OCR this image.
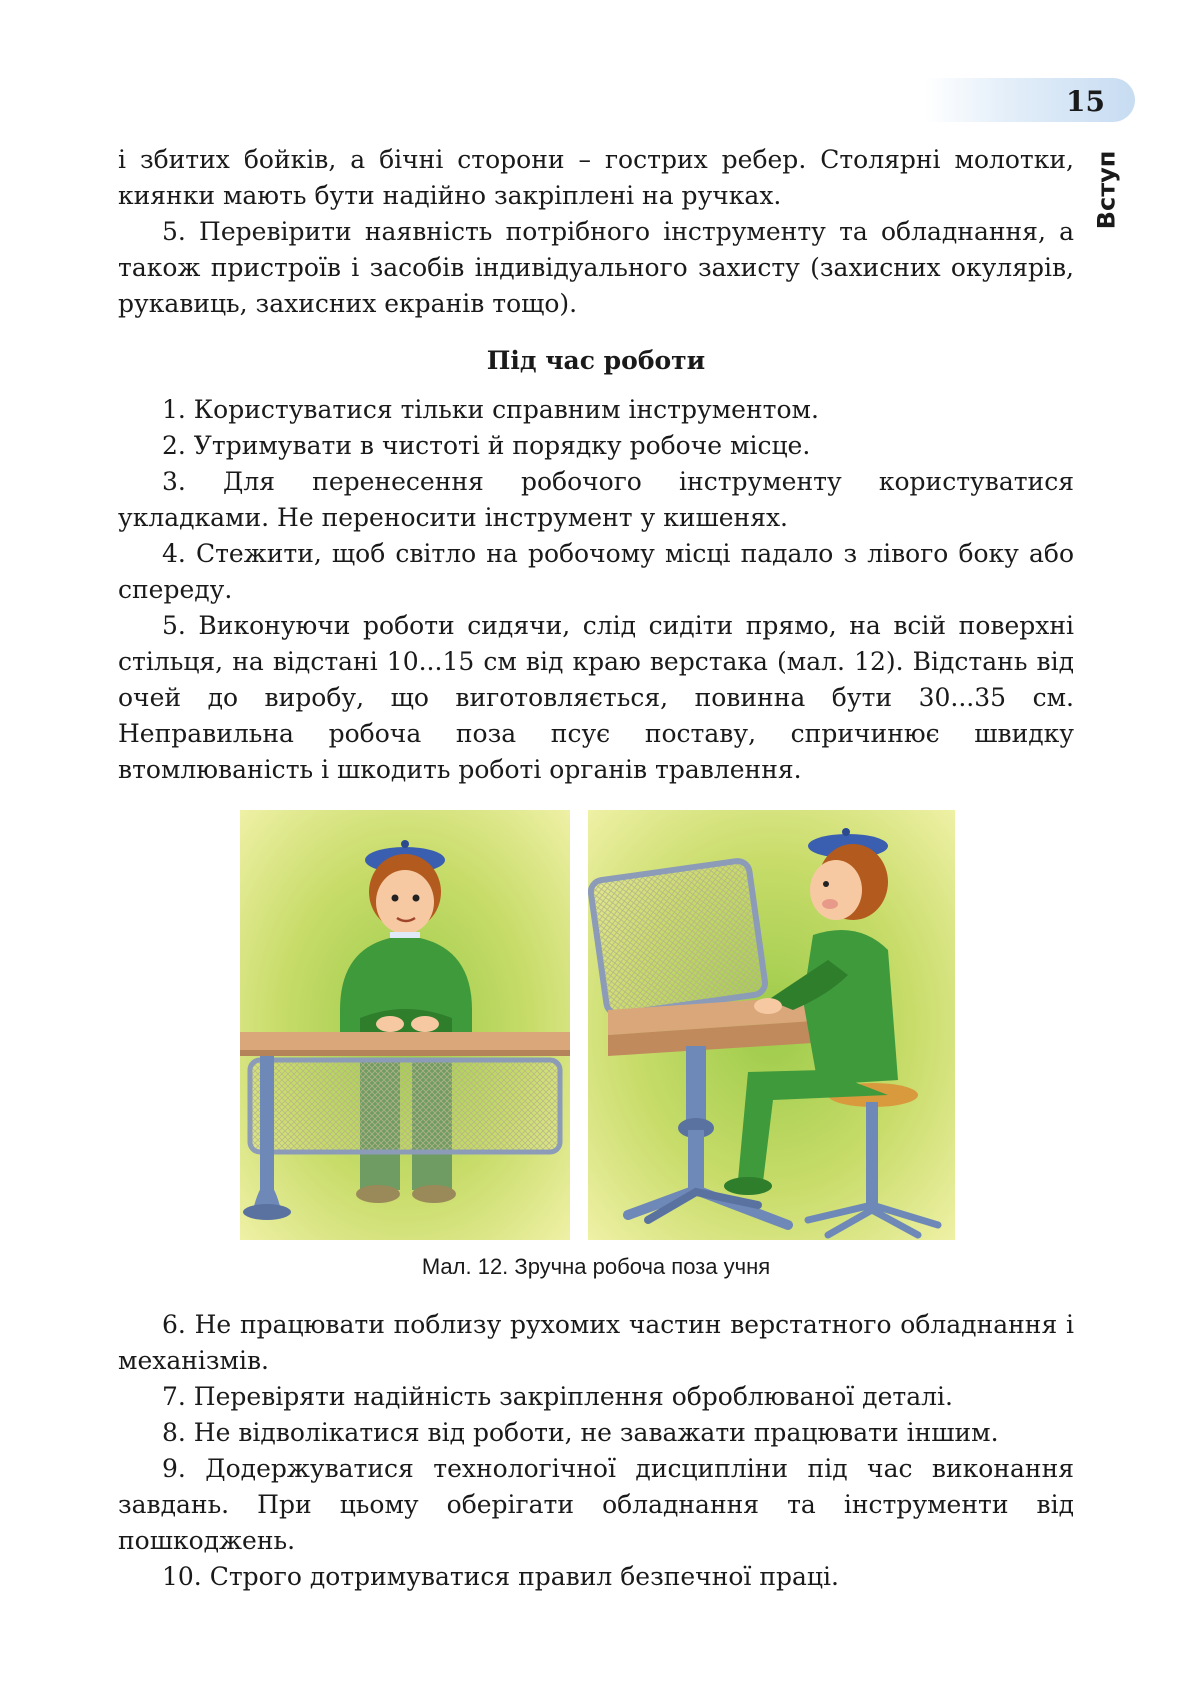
15
Вступ

і збитих бойків, а бічні сторони – гострих ребер. Столярні молотки, киянки мають бути надійно закріплені на ручках.

5. Перевірити наявність потрібного інструменту та обладнання, а також пристроїв і засобів індивідуального захисту (захисних окулярів, рукавиць, захисних екранів тощо).

Під час роботи

1. Користуватися тільки справним інструментом.

2. Утримувати в чистоті й порядку робоче місце.

3. Для перенесення робочого інструменту користуватися укладками. Не переносити інструмент у кишенях.

4. Стежити, щоб світло на робочому місці падало з лівого боку або спереду.

5. Виконуючи роботи сидячи, слід сидіти прямо, на всій поверхні стільця, на відстані 10...15 см від краю верстака (мал. 12). Відстань від очей до виробу, що виготовляється, повинна бути 30...35 см. Неправильна робоча поза псує поставу, спричинює швидку втомлюваність і шкодить роботі органів травлення.

Мал. 12. Зручна робоча поза учня

6. Не працювати поблизу рухомих частин верстатного обладнання і механізмів.

7. Перевіряти надійність закріплення оброблюваної деталі.

8. Не відволікатися від роботи, не заважати працювати іншим.

9. Додержуватися технологічної дисципліни під час виконання завдань. При цьому оберігати обладнання та інструменти від пошкоджень.

10. Строго дотримуватися правил безпечної праці.
